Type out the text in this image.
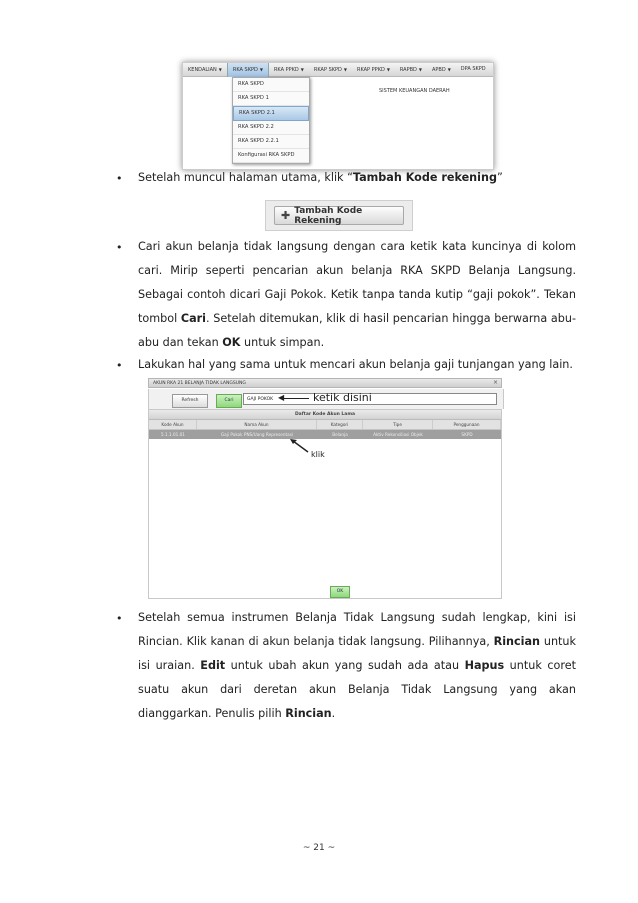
KENDALIAN ▼	RKA SKPD ▼	RKA PPKD ▼	RKAP SKPD ▼	RKAP PPKD ▼	RAPBD ▼	APBD ▼	DPA SKPD
SISTEM KEUANGAN DAERAH
RKA SKPD
RKA SKPD 1
RKA SKPD 2.1
RKA SKPD 2.2
RKA SKPD 2.2.1
Konfigurasi RKA SKPD
• Setelah muncul halaman utama, klik “Tambah Kode rekening”
✚ Tambah Kode Rekening
• Cari akun belanja tidak langsung dengan cara ketik kata kuncinya di kolom
cari. Mirip seperti pencarian akun belanja RKA SKPD Belanja Langsung.
Sebagai contoh dicari Gaji Pokok. Ketik tanpa tanda kutip “gaji pokok”. Tekan
tombol Cari. Setelah ditemukan, klik di hasil pencarian hingga berwarna abu-
abu dan tekan OK untuk simpan.
• Lakukan hal yang sama untuk mencari akun belanja gaji tunjangan yang lain.
AKUN RKA 21 BELANJA TIDAK LANGSUNG	×
Refresh	Cari	GAJI POKOK ◀	ketik disini
Daftar Kode Akun Lama
Kode Akun	Nama Akun	Kategori	Tipe	Penggunaan
5.1.1.01.01	Gaji Pokok PNS/Uang Representasi	Belanja	Aktiv Rekonsiliasi Objek	SKPD
klik
OK
• Setelah semua instrumen Belanja Tidak Langsung sudah lengkap, kini isi
Rincian. Klik kanan di akun belanja tidak langsung. Pilihannya, Rincian untuk
isi uraian. Edit untuk ubah akun yang sudah ada atau Hapus untuk coret
suatu akun dari deretan akun Belanja Tidak Langsung yang akan
dianggarkan. Penulis pilih Rincian.
~ 21 ~
